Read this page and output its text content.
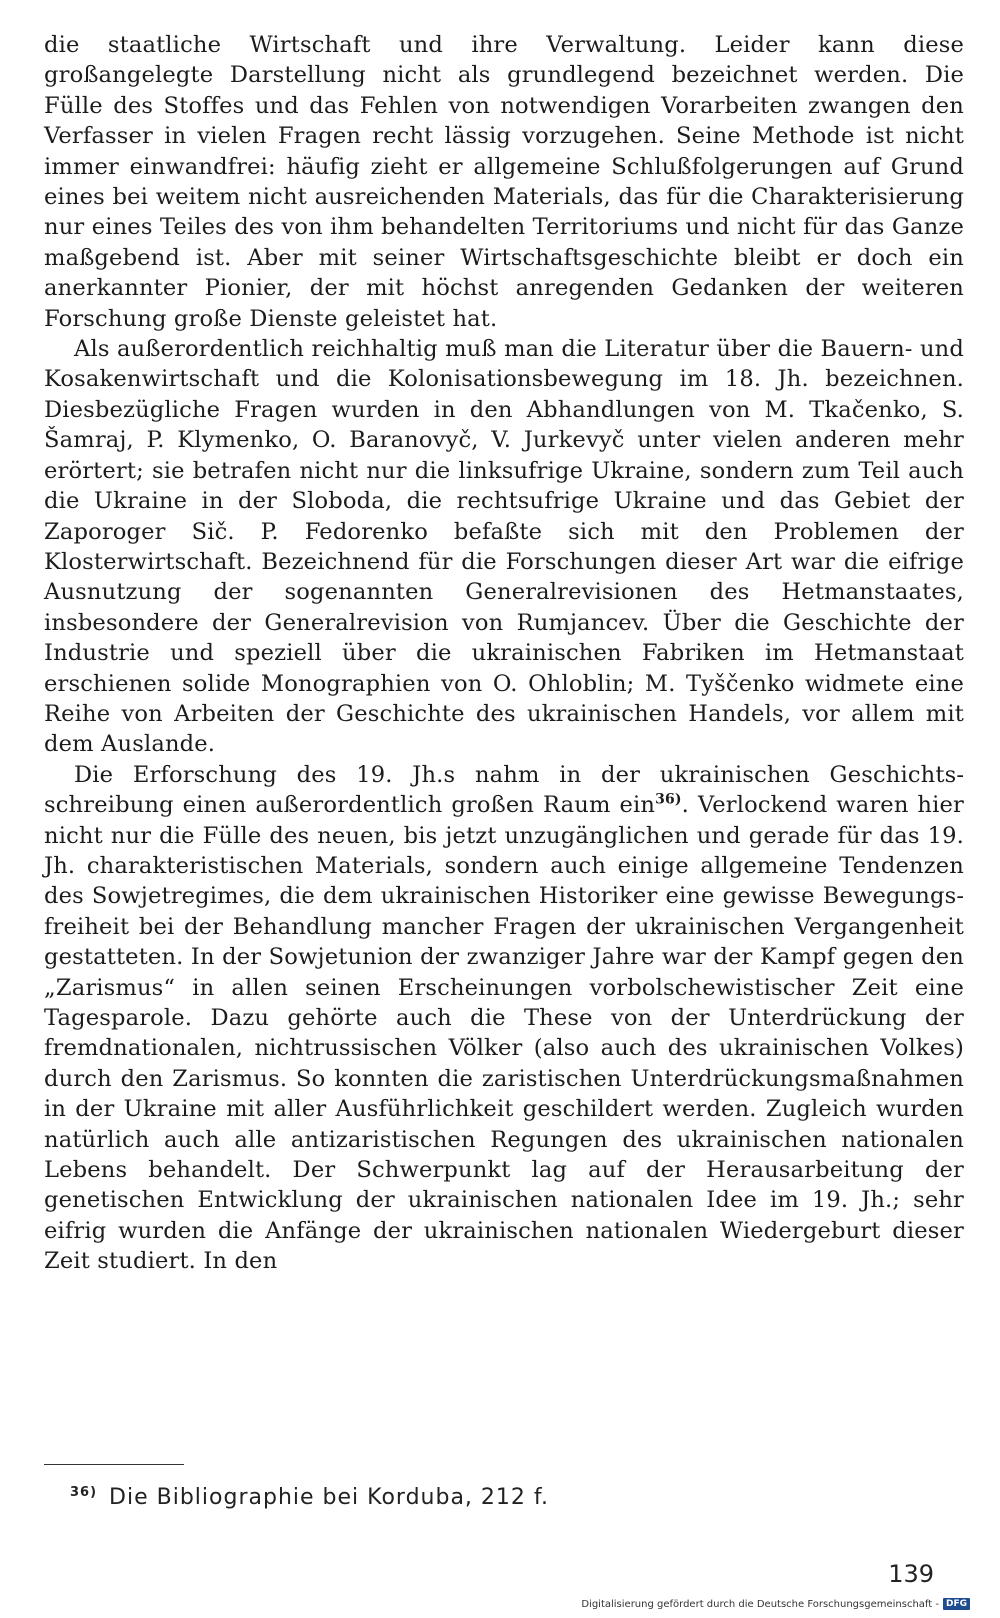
die staatliche Wirtschaft und ihre Verwaltung. Leider kann diese großangelegte Darstellung nicht als grundlegend bezeichnet werden. Die Fülle des Stoffes und das Fehlen von notwendigen Vorarbeiten zwangen den Verfasser in vielen Fragen recht lässig vorzugehen. Seine Methode ist nicht immer einwandfrei: häufig zieht er allgemeine Schlußfolgerungen auf Grund eines bei weitem nicht ausreichenden Materials, das für die Charakterisierung nur eines Teiles des von ihm behandelten Territoriums und nicht für das Ganze maßgebend ist. Aber mit seiner Wirtschaftsgeschichte bleibt er doch ein anerkannter Pionier, der mit höchst anregenden Gedanken der weiteren Forschung große Dienste geleistet hat.

Als außerordentlich reichhaltig muß man die Literatur über die Bauern- und Kosakenwirtschaft und die Kolonisationsbewegung im 18. Jh. bezeichnen. Diesbezügliche Fragen wurden in den Abhandlungen von M. Tkačenko, S. Šamraj, P. Klymenko, O. Baranovyč, V. Jurkevyč unter vielen anderen mehr erörtert; sie betrafen nicht nur die linksufrige Ukraine, sondern zum Teil auch die Ukraine in der Sloboda, die rechtsufrige Ukraine und das Gebiet der Zaporoger Sič. P. Fedorenko befaßte sich mit den Problemen der Klosterwirtschaft. Bezeichnend für die Forschungen dieser Art war die eifrige Ausnutzung der sogenannten Generalrevisionen des Hetmanstaates, insbesondere der Generalrevision von Rumjancev. Über die Geschichte der Industrie und speziell über die ukrainischen Fabriken im Hetmanstaat erschienen solide Monographien von O. Ohloblin; M. Tyščenko widmete eine Reihe von Arbeiten der Geschichte des ukrainischen Handels, vor allem mit dem Auslande.

Die Erforschung des 19. Jh.s nahm in der ukrainischen Geschichtsschreibung einen außerordentlich großen Raum ein$^{36)}$. Verlockend waren hier nicht nur die Fülle des neuen, bis jetzt unzugänglichen und gerade für das 19. Jh. charakteristischen Materials, sondern auch einige allgemeine Tendenzen des Sowjetregimes, die dem ukrainischen Historiker eine gewisse Bewegungsfreiheit bei der Behandlung mancher Fragen der ukrainischen Vergangenheit gestatteten. In der Sowjetunion der zwanziger Jahre war der Kampf gegen den „Zarismus“ in allen seinen Erscheinungen vorbolschewistischer Zeit eine Tagesparole. Dazu gehörte auch die These von der Unterdrückung der fremdnationalen, nichtrussischen Völker (also auch des ukrainischen Volkes) durch den Zarismus. So konnten die zaristischen Unterdrückungsmaßnahmen in der Ukraine mit aller Ausführlichkeit geschildert werden. Zugleich wurden natürlich auch alle antizaristischen Regungen des ukrainischen nationalen Lebens behandelt. Der Schwerpunkt lag auf der Herausarbeitung der genetischen Entwicklung der ukrainischen nationalen Idee im 19. Jh.; sehr eifrig wurden die Anfänge der ukrainischen nationalen Wiedergeburt dieser Zeit studiert. In den

$^{36)}$ Die Bibliographie bei Korduba, 212 f.
139
Digitalisierung gefördert durch die Deutsche Forschungsgemeinschaft - DFG
